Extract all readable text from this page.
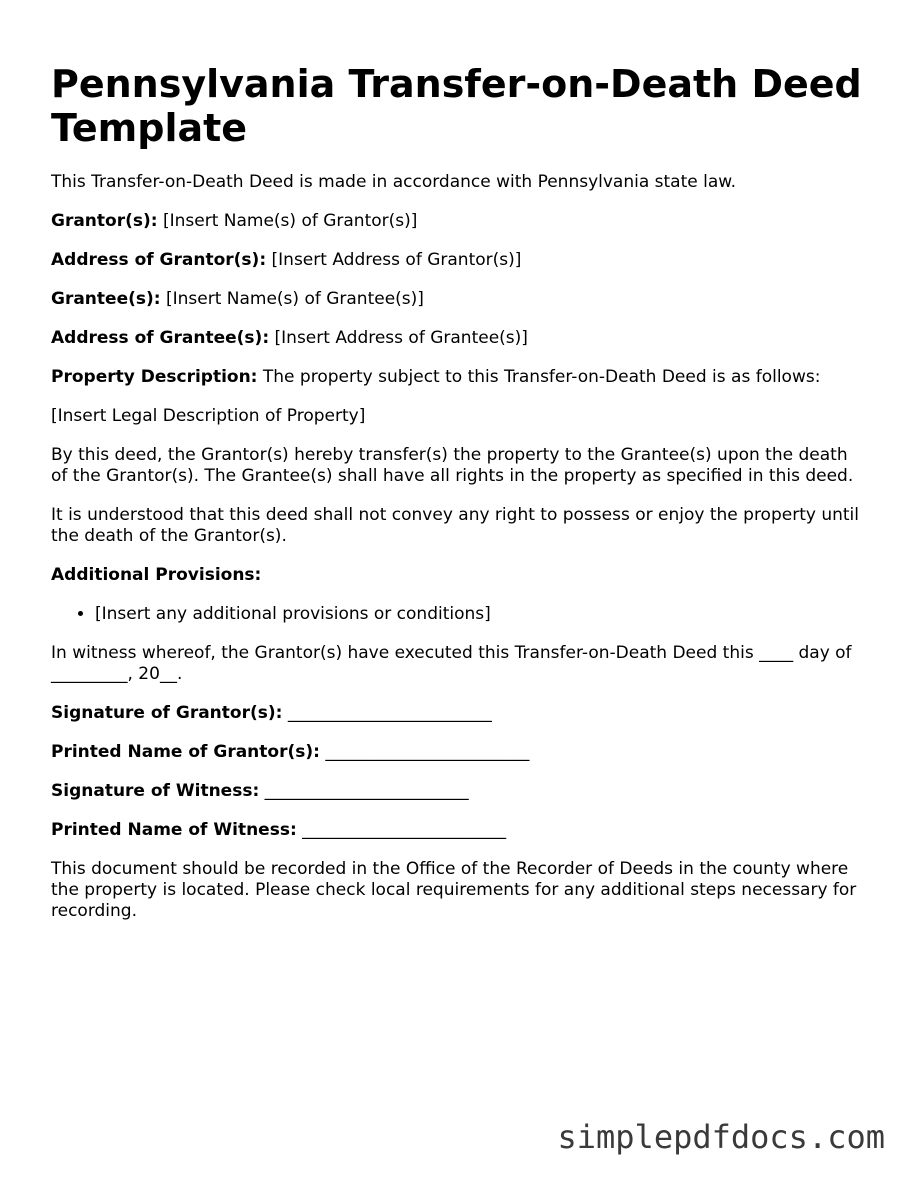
Pennsylvania Transfer-on-Death Deed Template

This Transfer-on-Death Deed is made in accordance with Pennsylvania state law.

Grantor(s): [Insert Name(s) of Grantor(s)]

Address of Grantor(s): [Insert Address of Grantor(s)]

Grantee(s): [Insert Name(s) of Grantee(s)]

Address of Grantee(s): [Insert Address of Grantee(s)]

Property Description: The property subject to this Transfer-on-Death Deed is as follows:

[Insert Legal Description of Property]

By this deed, the Grantor(s) hereby transfer(s) the property to the Grantee(s) upon the death of the Grantor(s). The Grantee(s) shall have all rights in the property as specified in this deed.

It is understood that this deed shall not convey any right to possess or enjoy the property until the death of the Grantor(s).

Additional Provisions:

• [Insert any additional provisions or conditions]

In witness whereof, the Grantor(s) have executed this Transfer-on-Death Deed this ____ day of _________, 20__.

Signature of Grantor(s): ________________________

Printed Name of Grantor(s): ________________________

Signature of Witness: ________________________

Printed Name of Witness: ________________________

This document should be recorded in the Office of the Recorder of Deeds in the county where the property is located. Please check local requirements for any additional steps necessary for recording.

simplepdfdocs.com
